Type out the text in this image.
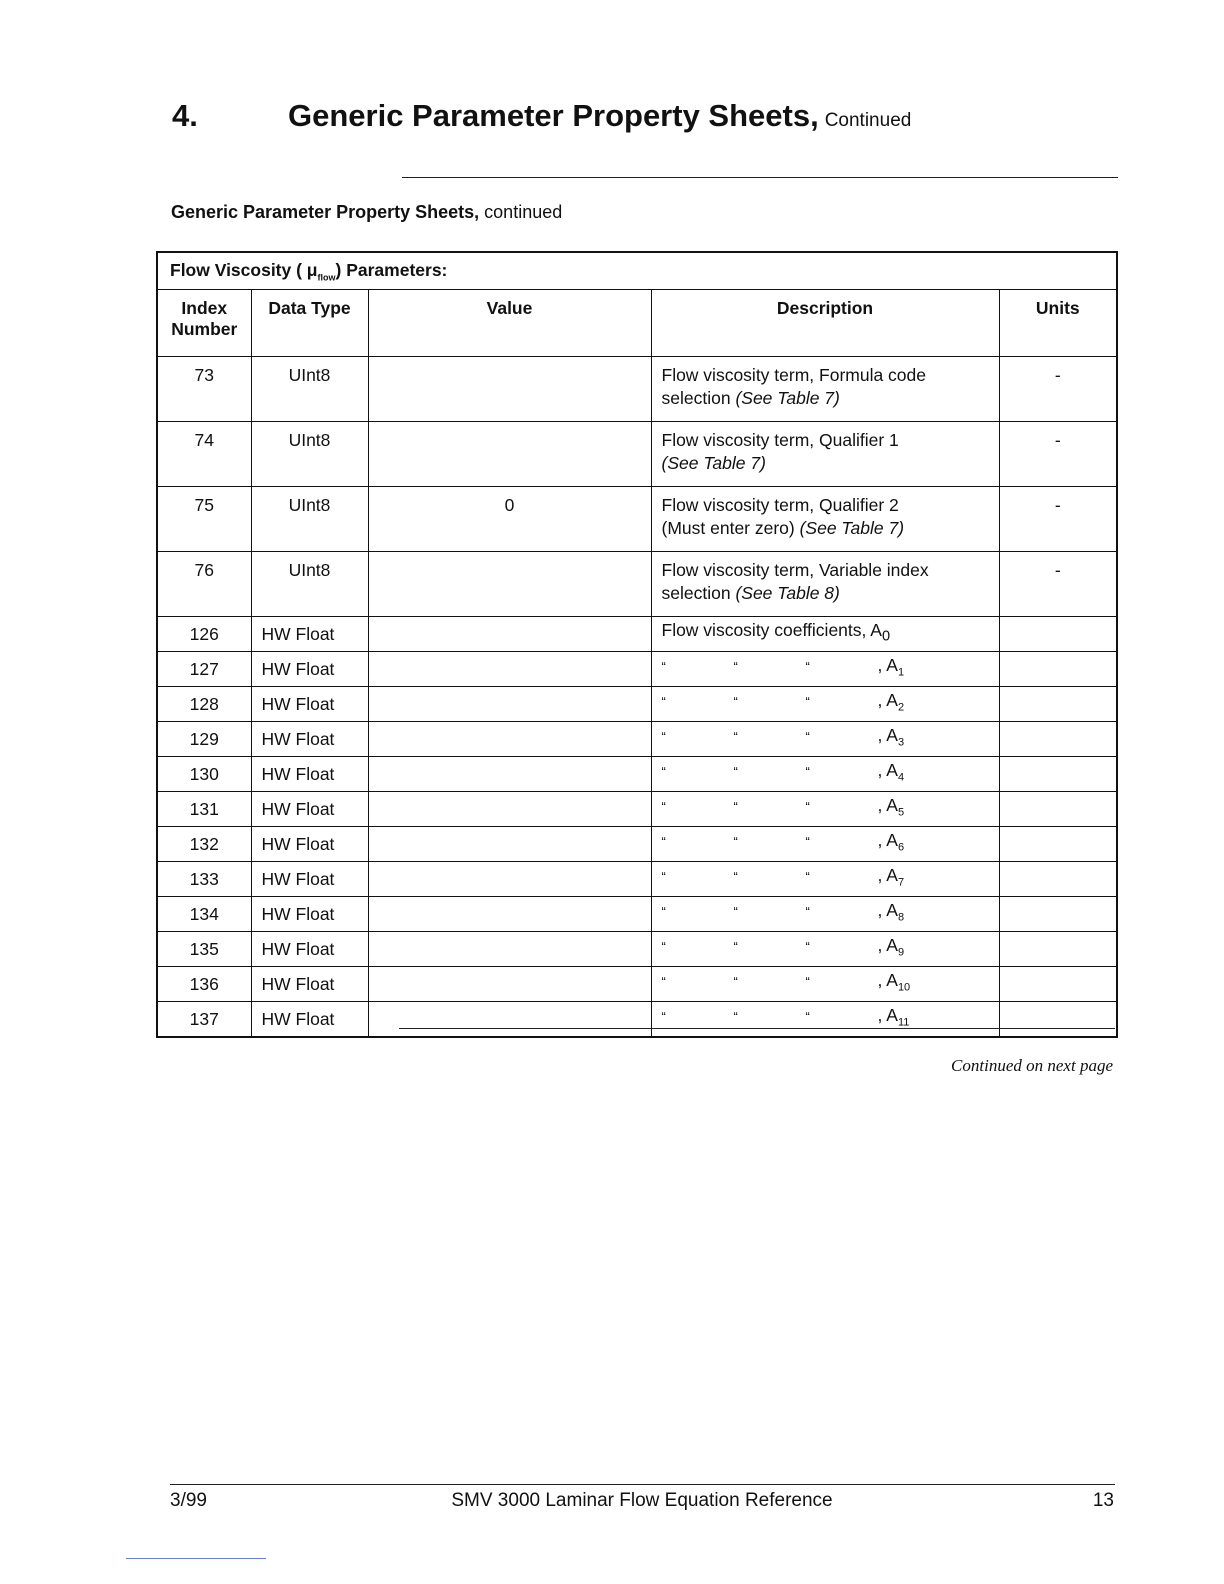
4.	Generic Parameter Property Sheets, Continued
Generic Parameter Property Sheets, continued
Flow Viscosity ( $\mu_{flow}$) Parameters:				
Index
Number	Data Type	Value	Description	Units
73	UInt8		Flow viscosity term, Formula code
selection (See Table 7)	-
74	UInt8		Flow viscosity term, Qualifier 1
(See Table 7)	-
75	UInt8	0	Flow viscosity term, Qualifier 2
(Must enter zero) (See Table 7)	-
76	UInt8		Flow viscosity term, Variable index
selection (See Table 8)	-
126	HW Float		Flow viscosity coefficients, $A_0$	
127	HW Float		“ “ “ , $A_1$	
128	HW Float		“ “ “ , $A_2$	
129	HW Float		“ “ “ , $A_3$	
130	HW Float		“ “ “ , $A_4$	
131	HW Float		“ “ “ , $A_5$	
132	HW Float		“ “ “ , $A_6$	
133	HW Float		“ “ “ , $A_7$	
134	HW Float		“ “ “ , $A_8$	
135	HW Float		“ “ “ , $A_9$	
136	HW Float		“ “ “ , $A_{10}$	
137	HW Float		“ “ “ , $A_{11}$	
Continued on next page
3/99	SMV 3000 Laminar Flow Equation Reference	13
